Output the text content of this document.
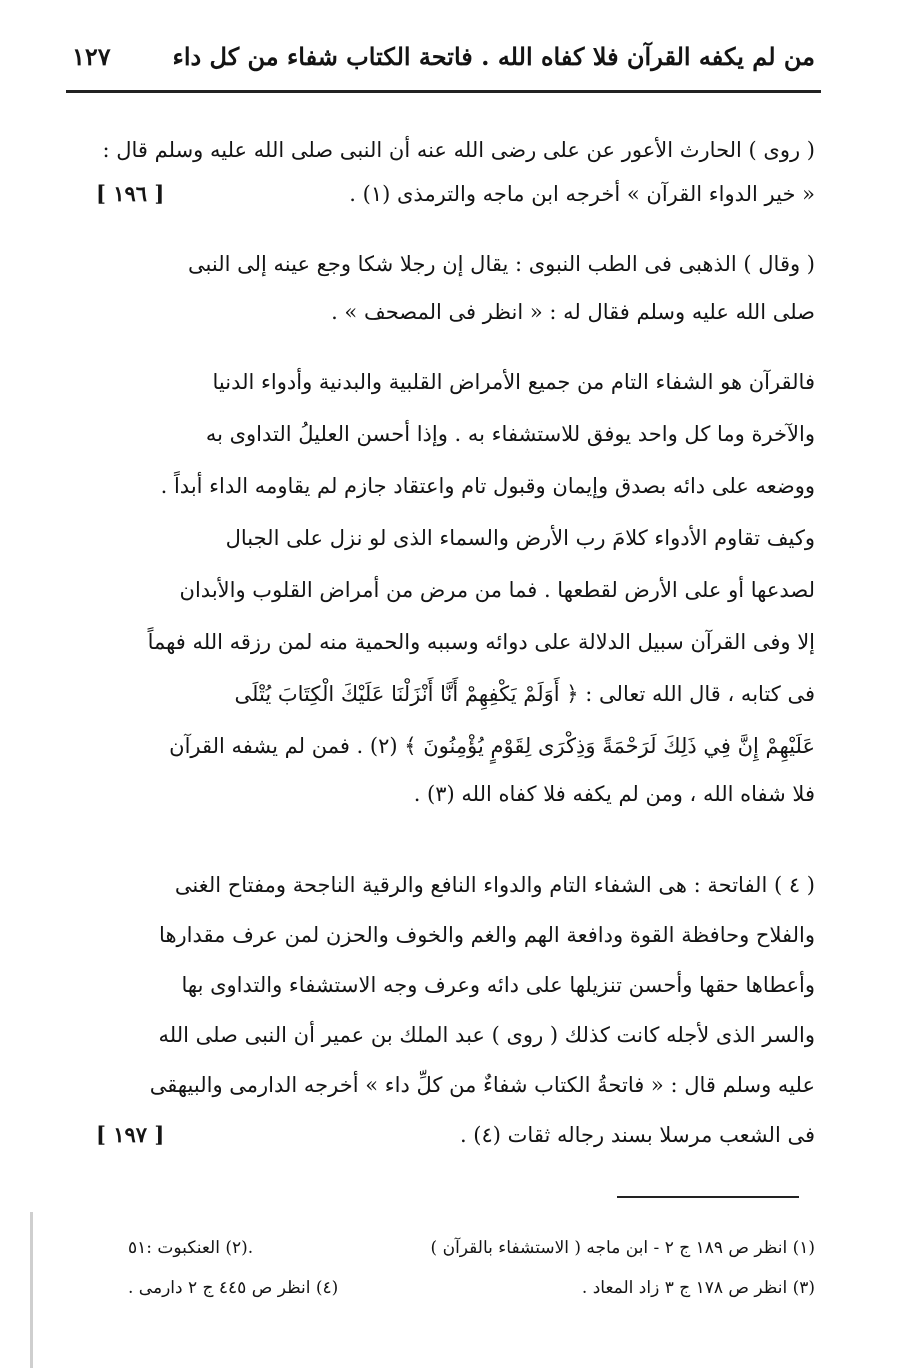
من لم يكفه القرآن فلا كفاه الله . فاتحة الكتاب شفاء من كل داء
١٢٧
( روى ) الحارث الأعور عن على رضى الله عنه أن النبى صلى الله عليه وسلم قال :
« خير الدواء القرآن » أخرجه ابن ماجه والترمذى (١) .
[ ١٩٦ ]
( وقال ) الذهبى فى الطب النبوى : يقال إن رجلا شكا وجع عينه إلى النبى
صلى الله عليه وسلم فقال له : « انظر فى المصحف » .
فالقرآن هو الشفاء التام من جميع الأمراض القلبية والبدنية وأدواء الدنيا
والآخرة وما كل واحد يوفق للاستشفاء به . وإذا أحسن العليلُ التداوى به
ووضعه على دائه بصدق وإيمان وقبول تام واعتقاد جازم لم يقاومه الداء أبداً .
وكيف تقاوم الأدواء كلامَ رب الأرض والسماء الذى لو نزل على الجبال
لصدعها أو على الأرض لقطعها . فما من مرض من أمراض القلوب والأبدان
إلا وفى القرآن سبيل الدلالة على دوائه وسببه والحمية منه لمن رزقه الله فهماً
فى كتابه ، قال الله تعالى : ﴿ أَوَلَمْ يَكْفِهِمْ أَنَّا أَنْزَلْنَا عَلَيْكَ الْكِتَابَ يُتْلَى
عَلَيْهِمْ إِنَّ فِي ذَلِكَ لَرَحْمَةً وَذِكْرَى لِقَوْمٍ يُؤْمِنُونَ ﴾ (٢) . فمن لم يشفه القرآن
فلا شفاه الله ، ومن لم يكفه فلا كفاه الله (٣) .
( ٤ ) الفاتحة : هى الشفاء التام والدواء النافع والرقية الناجحة ومفتاح الغنى
والفلاح وحافظة القوة ودافعة الهم والغم والخوف والحزن لمن عرف مقدارها
وأعطاها حقها وأحسن تنزيلها على دائه وعرف وجه الاستشفاء والتداوى بها
والسر الذى لأجله كانت كذلك ( روى ) عبد الملك بن عمير أن النبى صلى الله
عليه وسلم قال : « فاتحةُ الكتاب شفاءٌ من كلِّ داء » أخرجه الدارمى والبيهقى
فى الشعب مرسلا بسند رجاله ثقات (٤) .
[ ١٩٧ ]
(١) انظر ص ١٨٩ ج ٢ - ابن ماجه ( الاستشفاء بالقرآن )
.(٢) العنكبوت :٥١
(٣) انظر ص ١٧٨ ج ٣ زاد المعاد .
(٤) انظر ص ٤٤٥ ج ٢ دارمى .
